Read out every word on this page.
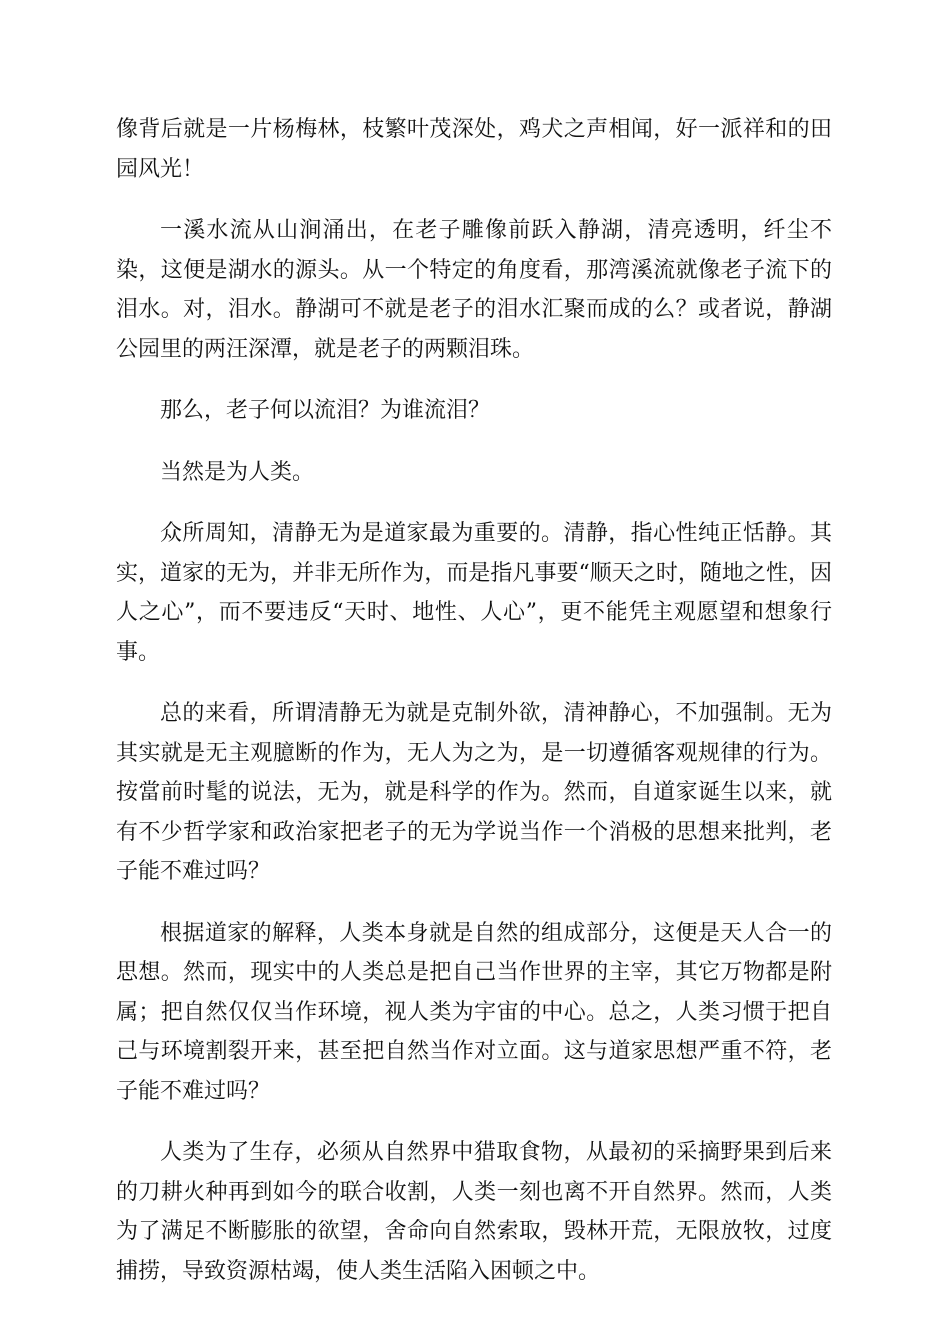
像背后就是一片杨梅林，枝繁叶茂深处，鸡犬之声相闻，好一派祥和的田园风光！

一溪水流从山涧涌出，在老子雕像前跃入静湖，清亮透明，纤尘不染，这便是湖水的源头。从一个特定的角度看，那湾溪流就像老子流下的泪水。对，泪水。静湖可不就是老子的泪水汇聚而成的么？或者说，静湖公园里的两汪深潭，就是老子的两颗泪珠。

那么，老子何以流泪？为谁流泪？

当然是为人类。

众所周知，清静无为是道家最为重要的。清静，指心性纯正恬静。其实，道家的无为，并非无所作为，而是指凡事要“顺天之时，随地之性，因人之心”，而不要违反“天时、地性、人心”，更不能凭主观愿望和想象行事。

总的来看，所谓清静无为就是克制外欲，清神静心，不加强制。无为其实就是无主观臆断的作为，无人为之为，是一切遵循客观规律的行为。按當前时髦的说法，无为，就是科学的作为。然而，自道家诞生以来，就有不少哲学家和政治家把老子的无为学说当作一个消极的思想来批判，老子能不难过吗？

根据道家的解释，人类本身就是自然的组成部分，这便是天人合一的思想。然而，现实中的人类总是把自己当作世界的主宰，其它万物都是附属；把自然仅仅当作环境，视人类为宇宙的中心。总之，人类习惯于把自己与环境割裂开来，甚至把自然当作对立面。这与道家思想严重不符，老子能不难过吗？

人类为了生存，必须从自然界中猎取食物，从最初的采摘野果到后来的刀耕火种再到如今的联合收割，人类一刻也离不开自然界。然而，人类为了满足不断膨胀的欲望，舍命向自然索取，毁林开荒，无限放牧，过度捕捞，导致资源枯竭，使人类生活陷入困顿之中。
